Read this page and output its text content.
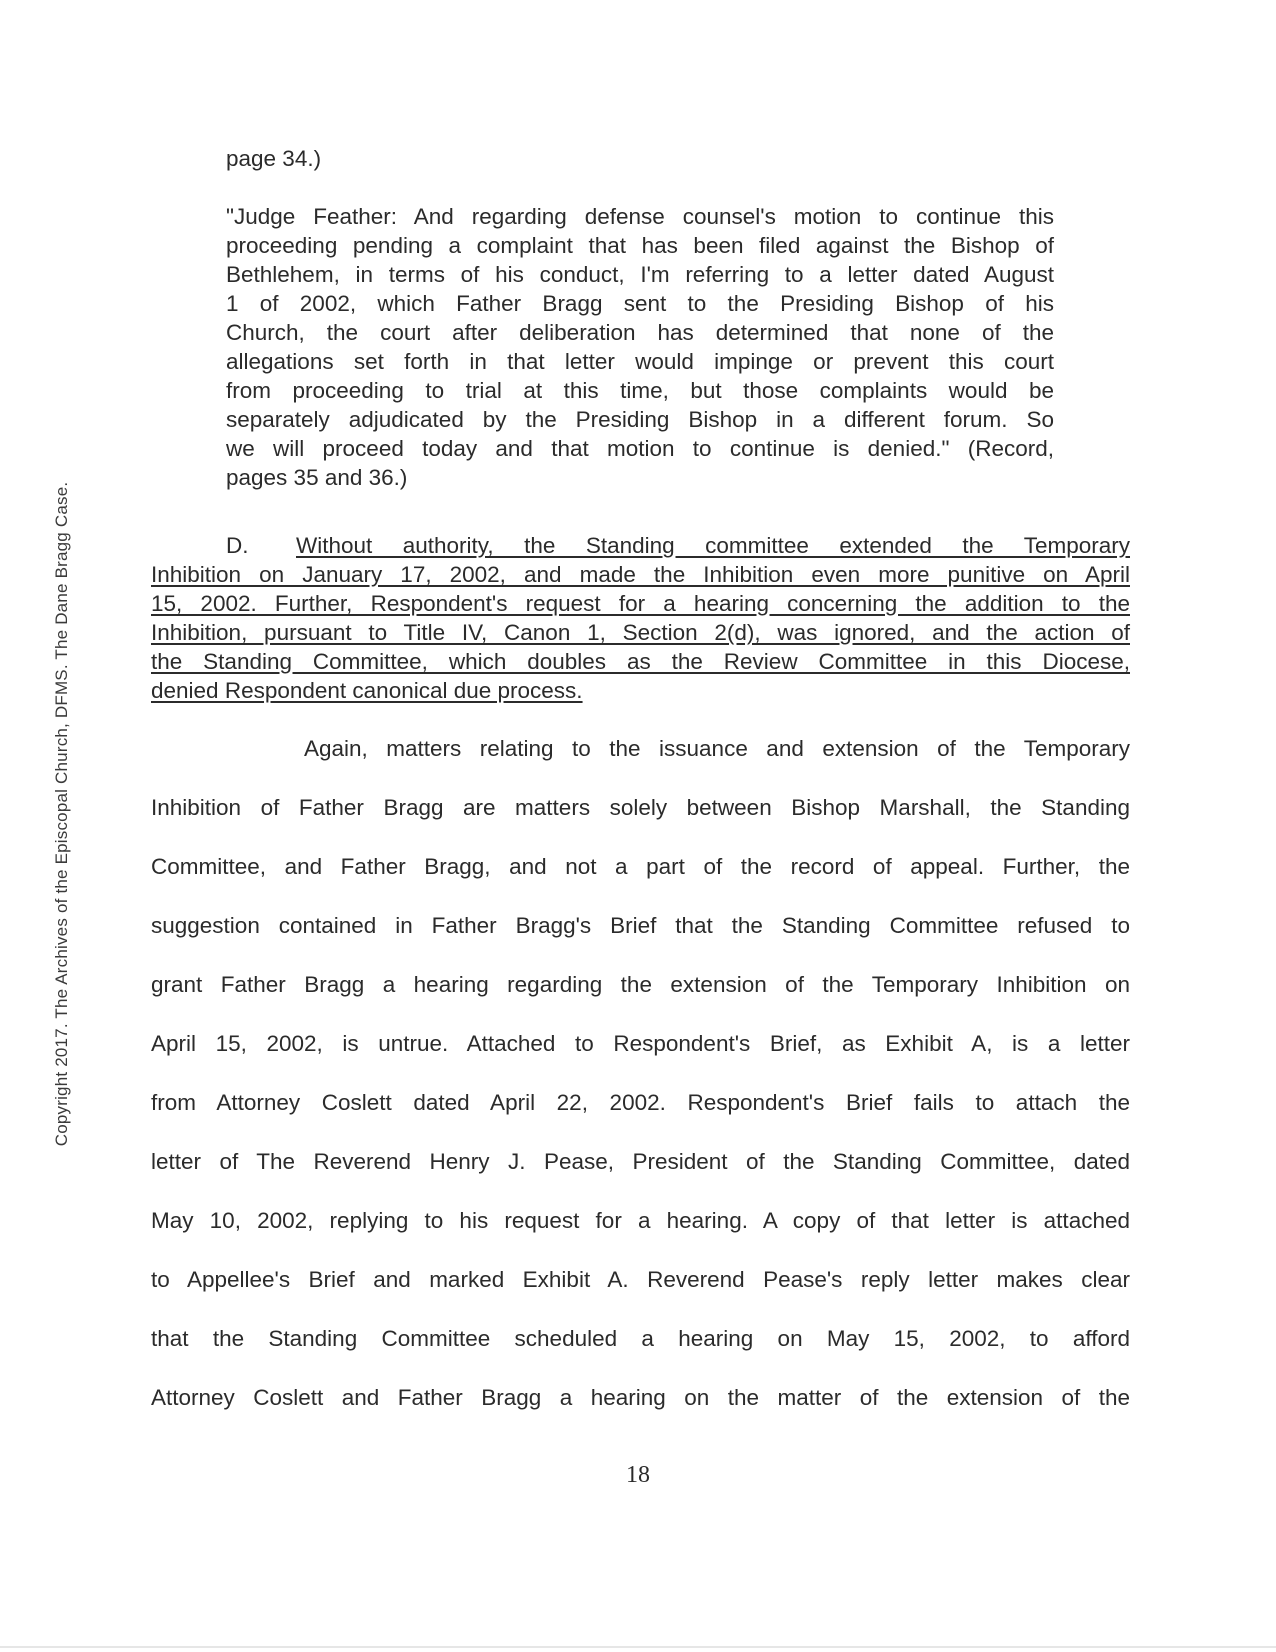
Copyright 2017. The Archives of the Episcopal Church, DFMS. The Dane Bragg Case.
page 34.)
"Judge Feather: And regarding defense counsel's motion to continue this
proceeding pending a complaint that has been filed against the Bishop of
Bethlehem, in terms of his conduct, I'm referring to a letter dated August
1 of 2002, which Father Bragg sent to the Presiding Bishop of his
Church, the court after deliberation has determined that none of the
allegations set forth in that letter would impinge or prevent this court
from proceeding to trial at this time, but those complaints would be
separately adjudicated by the Presiding Bishop in a different forum. So
we will proceed today and that motion to continue is denied." (Record,
pages 35 and 36.)
D. Without authority, the Standing committee extended the Temporary
Inhibition on January 17, 2002, and made the Inhibition even more punitive on April
15, 2002. Further, Respondent's request for a hearing concerning the addition to the
Inhibition, pursuant to Title IV, Canon 1, Section 2(d), was ignored, and the action of
the Standing Committee, which doubles as the Review Committee in this Diocese,
denied Respondent canonical due process.
Again, matters relating to the issuance and extension of the Temporary
Inhibition of Father Bragg are matters solely between Bishop Marshall, the Standing
Committee, and Father Bragg, and not a part of the record of appeal. Further, the
suggestion contained in Father Bragg's Brief that the Standing Committee refused to
grant Father Bragg a hearing regarding the extension of the Temporary Inhibition on
April 15, 2002, is untrue. Attached to Respondent's Brief, as Exhibit A, is a letter
from Attorney Coslett dated April 22, 2002. Respondent's Brief fails to attach the
letter of The Reverend Henry J. Pease, President of the Standing Committee, dated
May 10, 2002, replying to his request for a hearing. A copy of that letter is attached
to Appellee's Brief and marked Exhibit A. Reverend Pease's reply letter makes clear
that the Standing Committee scheduled a hearing on May 15, 2002, to afford
Attorney Coslett and Father Bragg a hearing on the matter of the extension of the
18
